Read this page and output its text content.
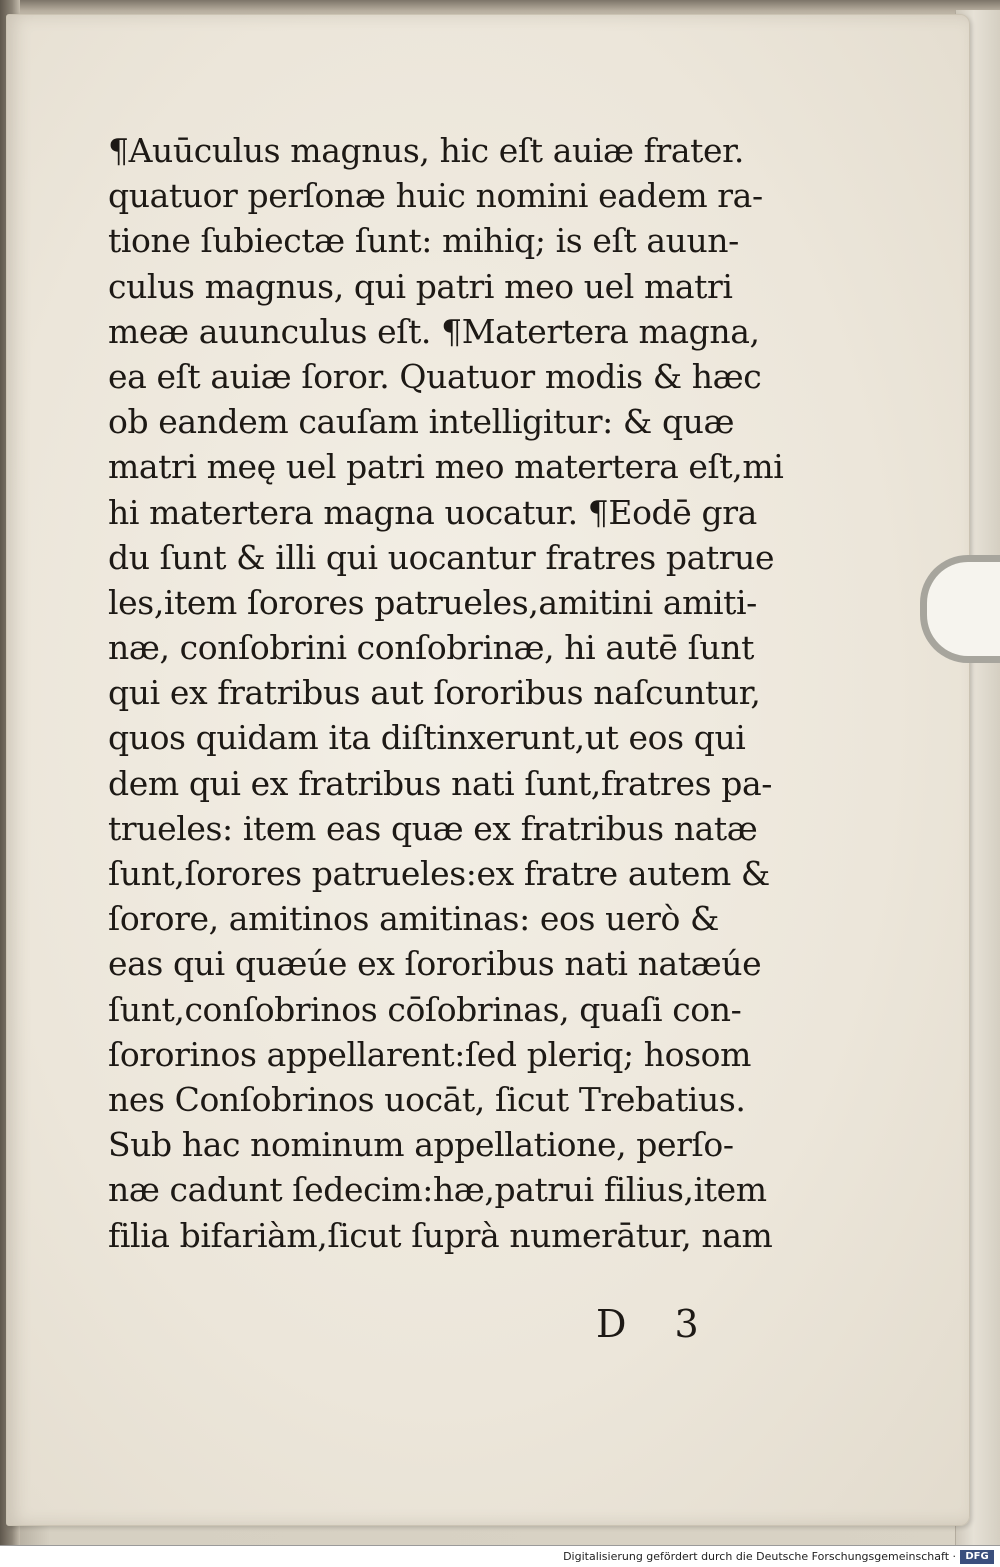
¶Auūculus magnus, hic eſt auiæ frater.
quatuor perſonæ huic nomini eadem ra-
tione ſubiectæ ſunt: mihiq; is eſt auun-
culus magnus, qui patri meo uel matri
meæ auunculus eſt. ¶Matertera magna,
ea eſt auiæ ſoror. Quatuor modis & hæc
ob eandem cauſam intelligitur: & quæ
matri meę uel patri meo matertera eſt,mi
hi matertera magna uocatur. ¶Eodē gra
du ſunt & illi qui uocantur fratres patrue
les,item ſorores patrueles,amitini amiti-
næ, conſobrini conſobrinæ, hi autē ſunt
qui ex fratribus aut ſororibus naſcuntur,
quos quidam ita diſtinxerunt,ut eos qui
dem qui ex fratribus nati ſunt,fratres pa-
trueles: item eas quæ ex fratribus natæ
ſunt,ſorores patrueles:ex fratre autem &
ſorore, amitinos amitinas: eos uerò &
eas qui quæúe ex ſororibus nati natæúe
ſunt,conſobrinos cōſobrinas, quaſi con-
ſororinos appellarent:ſed pleriq; hosom
nes Conſobrinos uocāt, ſicut Trebatius.
Sub hac nominum appellatione, perſo-
næ cadunt ſedecim:hæ,patrui filius,item
filia bifariàm,ſicut ſuprà numerātur, nam
D 3
Digitalisierung gefördert durch die Deutsche Forschungsgemeinschaft · DFG
